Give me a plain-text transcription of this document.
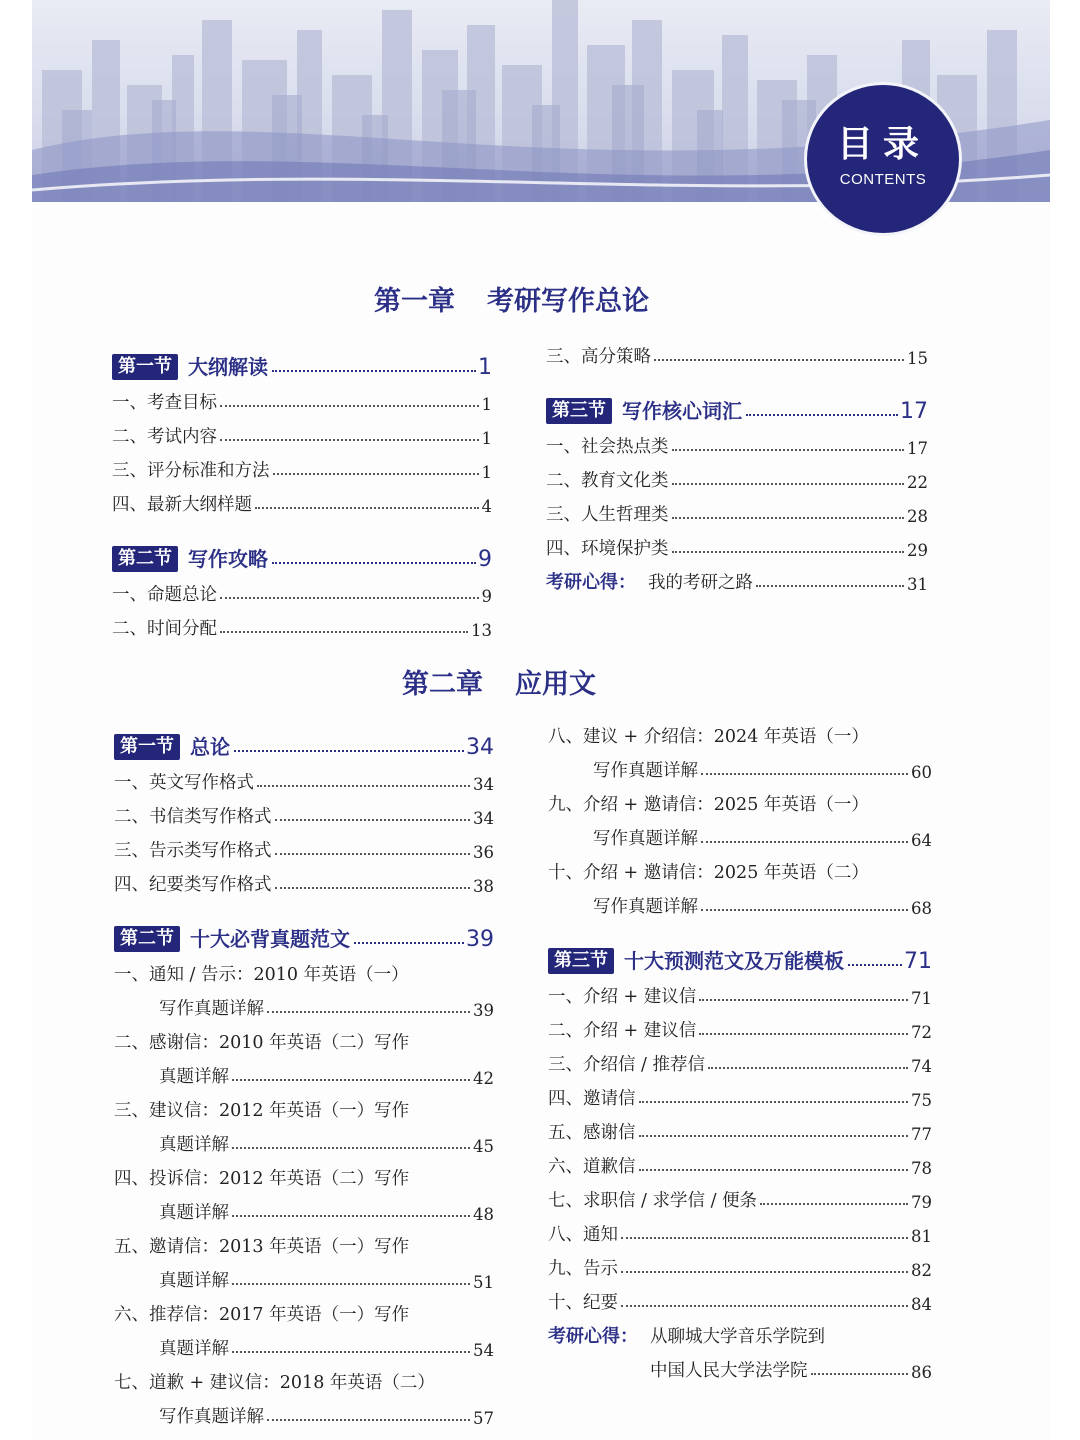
目录
CONTENTS
第一章 考研写作总论
第一节 大纲解读	1
一、考查目标	1
二、考试内容	1
三、评分标准和方法	1
四、最新大纲样题	4
第二节 写作攻略	9
一、命题总论	9
二、时间分配	13
三、高分策略	15
第三节 写作核心词汇	17
一、社会热点类	17
二、教育文化类	22
三、人生哲理类	28
四、环境保护类	29
考研心得： 我的考研之路	31
第二章 应用文
第一节 总论	34
一、英文写作格式	34
二、书信类写作格式	34
三、告示类写作格式	36
四、纪要类写作格式	38
第二节 十大必背真题范文	39
一、通知 / 告示：2010 年英语（一）
写作真题详解	39
二、感谢信：2010 年英语（二）写作
真题详解	42
三、建议信：2012 年英语（一）写作
真题详解	45
四、投诉信：2012 年英语（二）写作
真题详解	48
五、邀请信：2013 年英语（一）写作
真题详解	51
六、推荐信：2017 年英语（一）写作
真题详解	54
七、道歉 + 建议信：2018 年英语（二）
写作真题详解	57
八、建议 + 介绍信：2024 年英语（一）
写作真题详解	60
九、介绍 + 邀请信：2025 年英语（一）
写作真题详解	64
十、介绍 + 邀请信：2025 年英语（二）
写作真题详解	68
第三节 十大预测范文及万能模板	71
一、介绍 + 建议信	71
二、介绍 + 建议信	72
三、介绍信 / 推荐信	74
四、邀请信	75
五、感谢信	77
六、道歉信	78
七、求职信 / 求学信 / 便条	79
八、通知	81
九、告示	82
十、纪要	84
考研心得： 从聊城大学音乐学院到
中国人民大学法学院	86
